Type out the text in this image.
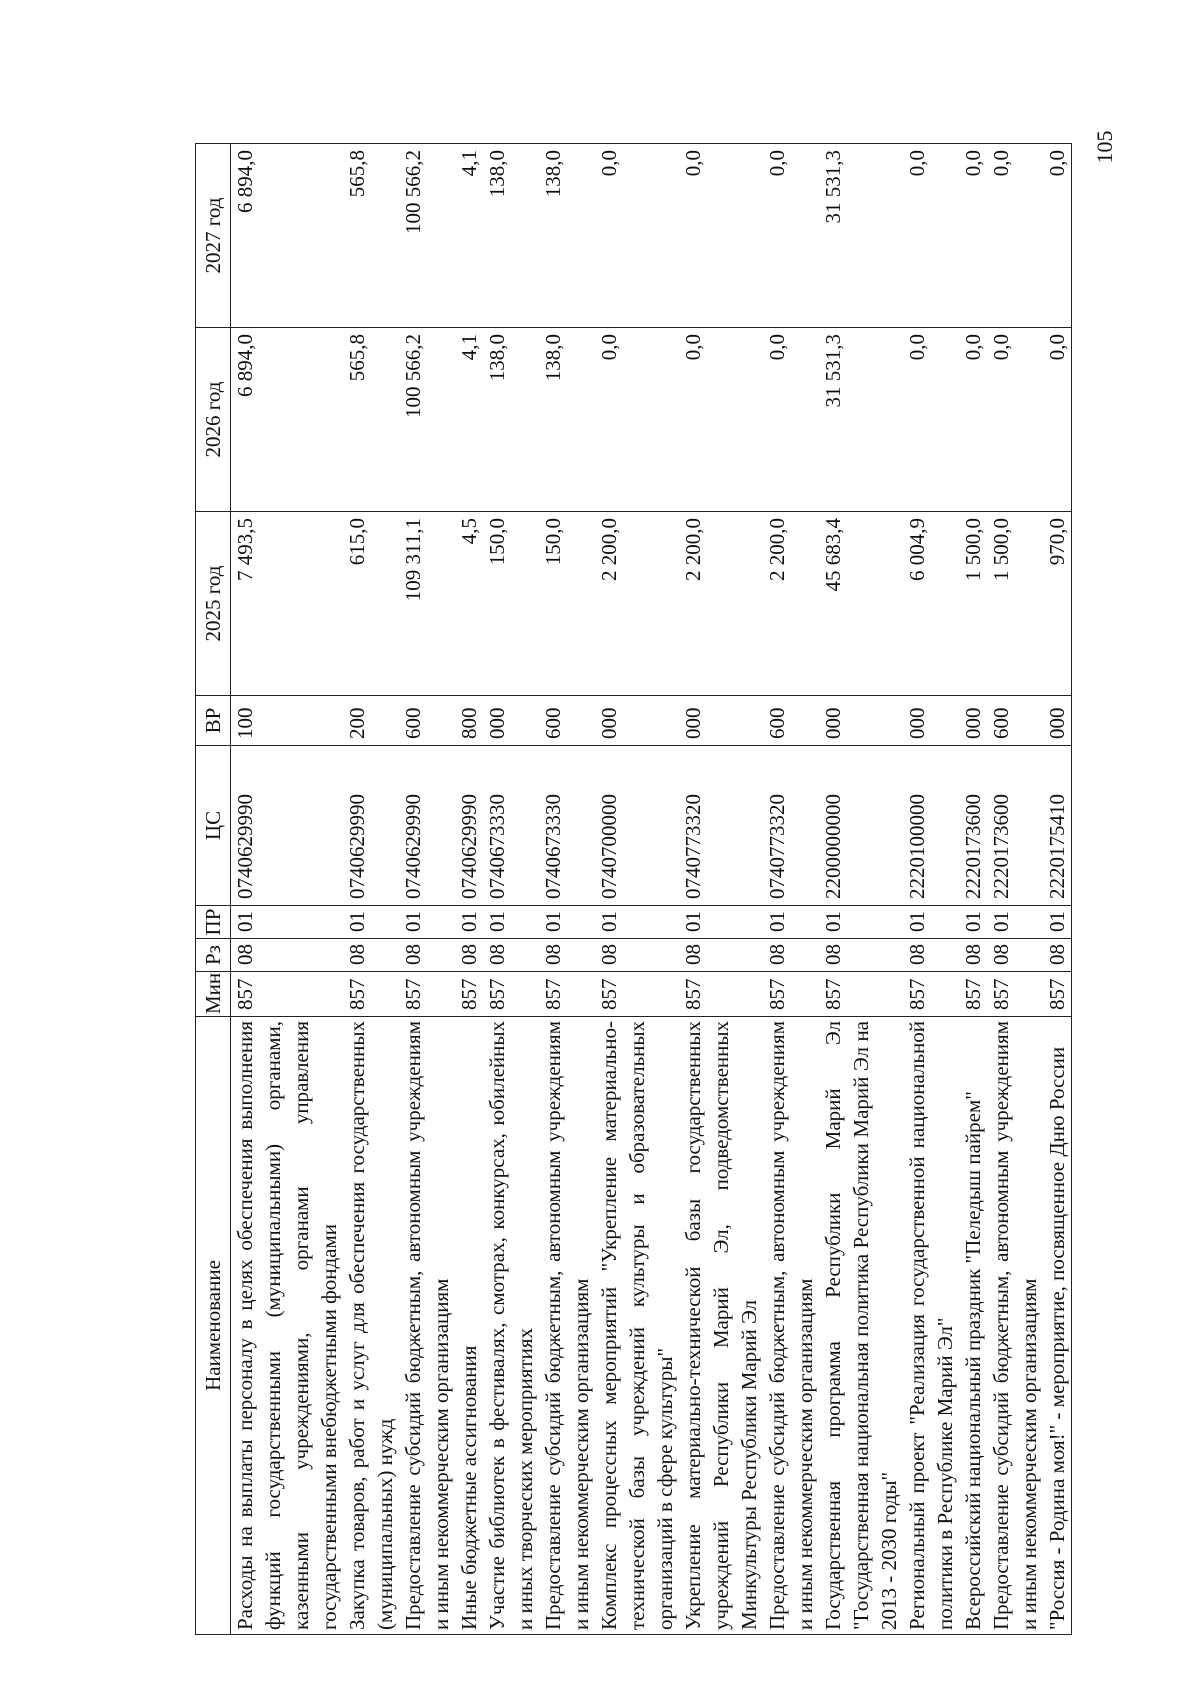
105
Наименование	Мин	Рз	ПР	ЦС	ВР	2025 год	2026 год	2027 год
Расходы на выплаты персоналу в целях обеспечения выполнения функций государственными (муниципальными) органами, казенными учреждениями, органами управления государственными внебюджетными фондами	857	08	01	0740629990	100	7 493,5	6 894,0	6 894,0
Закупка товаров, работ и услуг для обеспечения государственных (муниципальных) нужд	857	08	01	0740629990	200	615,0	565,8	565,8
Предоставление субсидий бюджетным, автономным учреждениям и иным некоммерческим организациям	857	08	01	0740629990	600	109 311,1	100 566,2	100 566,2
Иные бюджетные ассигнования	857	08	01	0740629990	800	4,5	4,1	4,1
Участие библиотек в фестивалях, смотрах, конкурсах, юбилейных и иных творческих мероприятиях	857	08	01	0740673330	000	150,0	138,0	138,0
Предоставление субсидий бюджетным, автономным учреждениям и иным некоммерческим организациям	857	08	01	0740673330	600	150,0	138,0	138,0
Комплекс процессных мероприятий "Укрепление материально-технической базы учреждений культуры и образовательных организаций в сфере культуры"	857	08	01	0740700000	000	2 200,0	0,0	0,0
Укрепление материально-технической базы государственных учреждений Республики Марий Эл, подведомственных Минкультуры Республики Марий Эл	857	08	01	0740773320	000	2 200,0	0,0	0,0
Предоставление субсидий бюджетным, автономным учреждениям и иным некоммерческим организациям	857	08	01	0740773320	600	2 200,0	0,0	0,0
Государственная программа Республики Марий Эл "Государственная национальная политика Республики Марий Эл на 2013 - 2030 годы"	857	08	01	2200000000	000	45 683,4	31 531,3	31 531,3
Региональный проект "Реализация государственной национальной политики в Республике Марий Эл"	857	08	01	2220100000	000	6 004,9	0,0	0,0
Всероссийский национальный праздник "Пеледыш пайрем"	857	08	01	2220173600	000	1 500,0	0,0	0,0
Предоставление субсидий бюджетным, автономным учреждениям и иным некоммерческим организациям	857	08	01	2220173600	600	1 500,0	0,0	0,0
"Россия - Родина моя!" - мероприятие, посвященное Дню России	857	08	01	2220175410	000	970,0	0,0	0,0
